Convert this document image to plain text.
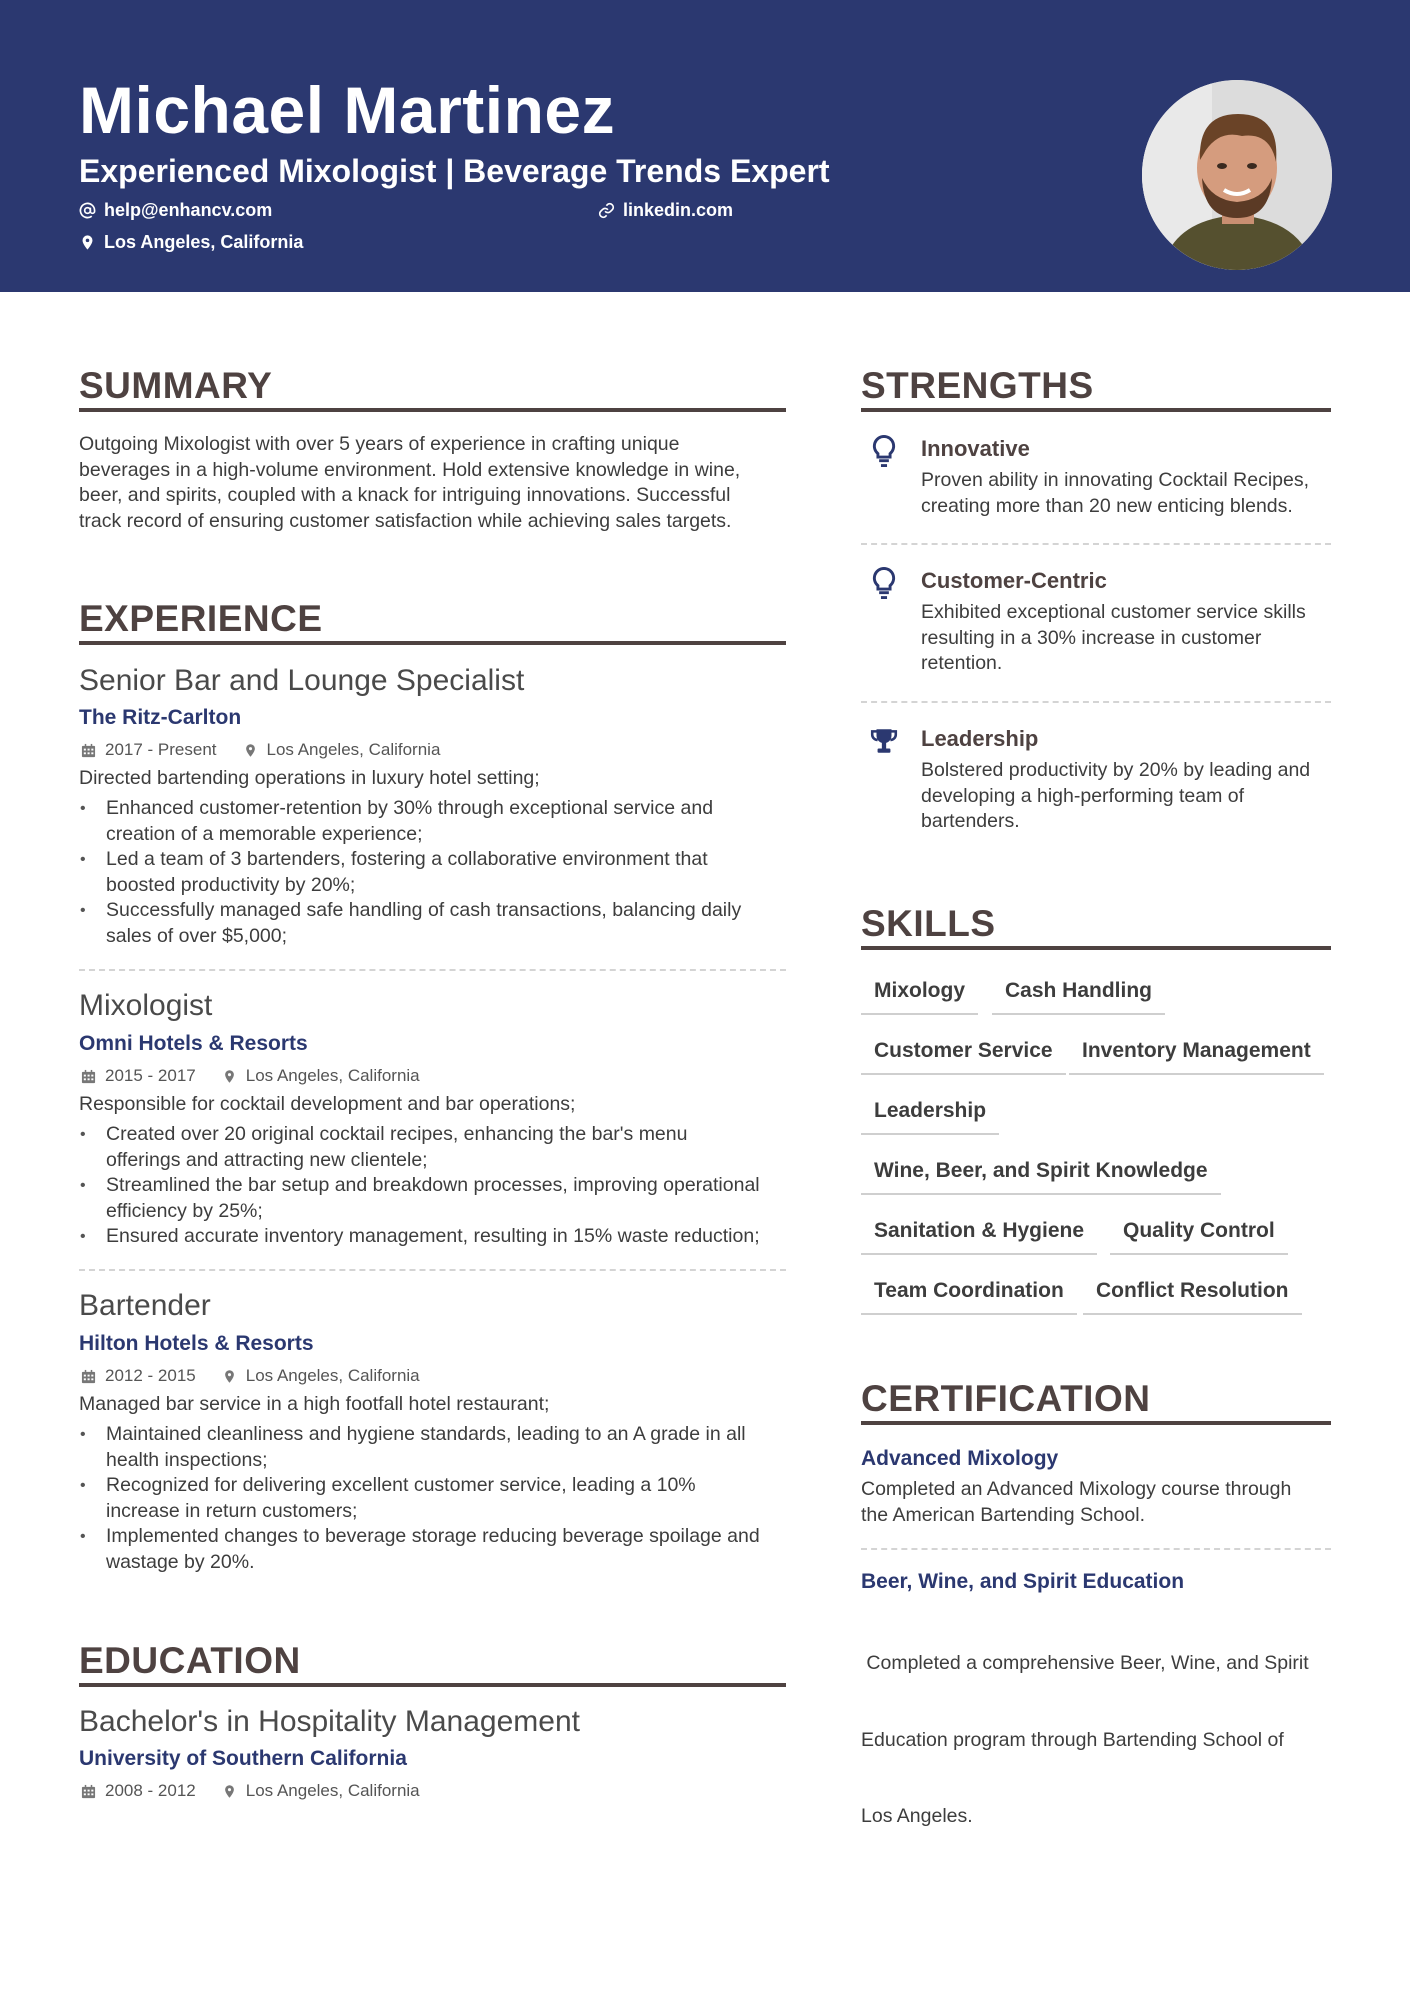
Michael Martinez
Experienced Mixologist | Beverage Trends Expert
help@enhancv.com	linkedin.com
Los Angeles, California
SUMMARY
Outgoing Mixologist with over 5 years of experience in crafting unique
beverages in a high-volume environment. Hold extensive knowledge in wine,
beer, and spirits, coupled with a knack for intriguing innovations. Successful
track record of ensuring customer satisfaction while achieving sales targets.
EXPERIENCE
Senior Bar and Lounge Specialist
The Ritz-Carlton
2017 - Present	Los Angeles, California
Directed bartending operations in luxury hotel setting;
• Enhanced customer-retention by 30% through exceptional service and
creation of a memorable experience;
• Led a team of 3 bartenders, fostering a collaborative environment that
boosted productivity by 20%;
• Successfully managed safe handling of cash transactions, balancing daily
sales of over $5,000;
Mixologist
Omni Hotels & Resorts
2015 - 2017	Los Angeles, California
Responsible for cocktail development and bar operations;
• Created over 20 original cocktail recipes, enhancing the bar's menu
offerings and attracting new clientele;
• Streamlined the bar setup and breakdown processes, improving operational
efficiency by 25%;
• Ensured accurate inventory management, resulting in 15% waste reduction;
Bartender
Hilton Hotels & Resorts
2012 - 2015	Los Angeles, California
Managed bar service in a high footfall hotel restaurant;
• Maintained cleanliness and hygiene standards, leading to an A grade in all
health inspections;
• Recognized for delivering excellent customer service, leading a 10%
increase in return customers;
• Implemented changes to beverage storage reducing beverage spoilage and
wastage by 20%.
EDUCATION
Bachelor's in Hospitality Management
University of Southern California
2008 - 2012	Los Angeles, California
STRENGTHS
Innovative
Proven ability in innovating Cocktail Recipes,
creating more than 20 new enticing blends.
Customer-Centric
Exhibited exceptional customer service skills
resulting in a 30% increase in customer
retention.
Leadership
Bolstered productivity by 20% by leading and
developing a high-performing team of
bartenders.
SKILLS
Mixology	Cash Handling
Customer Service	Inventory Management
Leadership
Wine, Beer, and Spirit Knowledge
Sanitation & Hygiene	Quality Control
Team Coordination	Conflict Resolution
CERTIFICATION
Advanced Mixology
Completed an Advanced Mixology course through
the American Bartending School.
Beer, Wine, and Spirit Education

Completed a comprehensive Beer, Wine, and Spirit

Education program through Bartending School of

Los Angeles.
